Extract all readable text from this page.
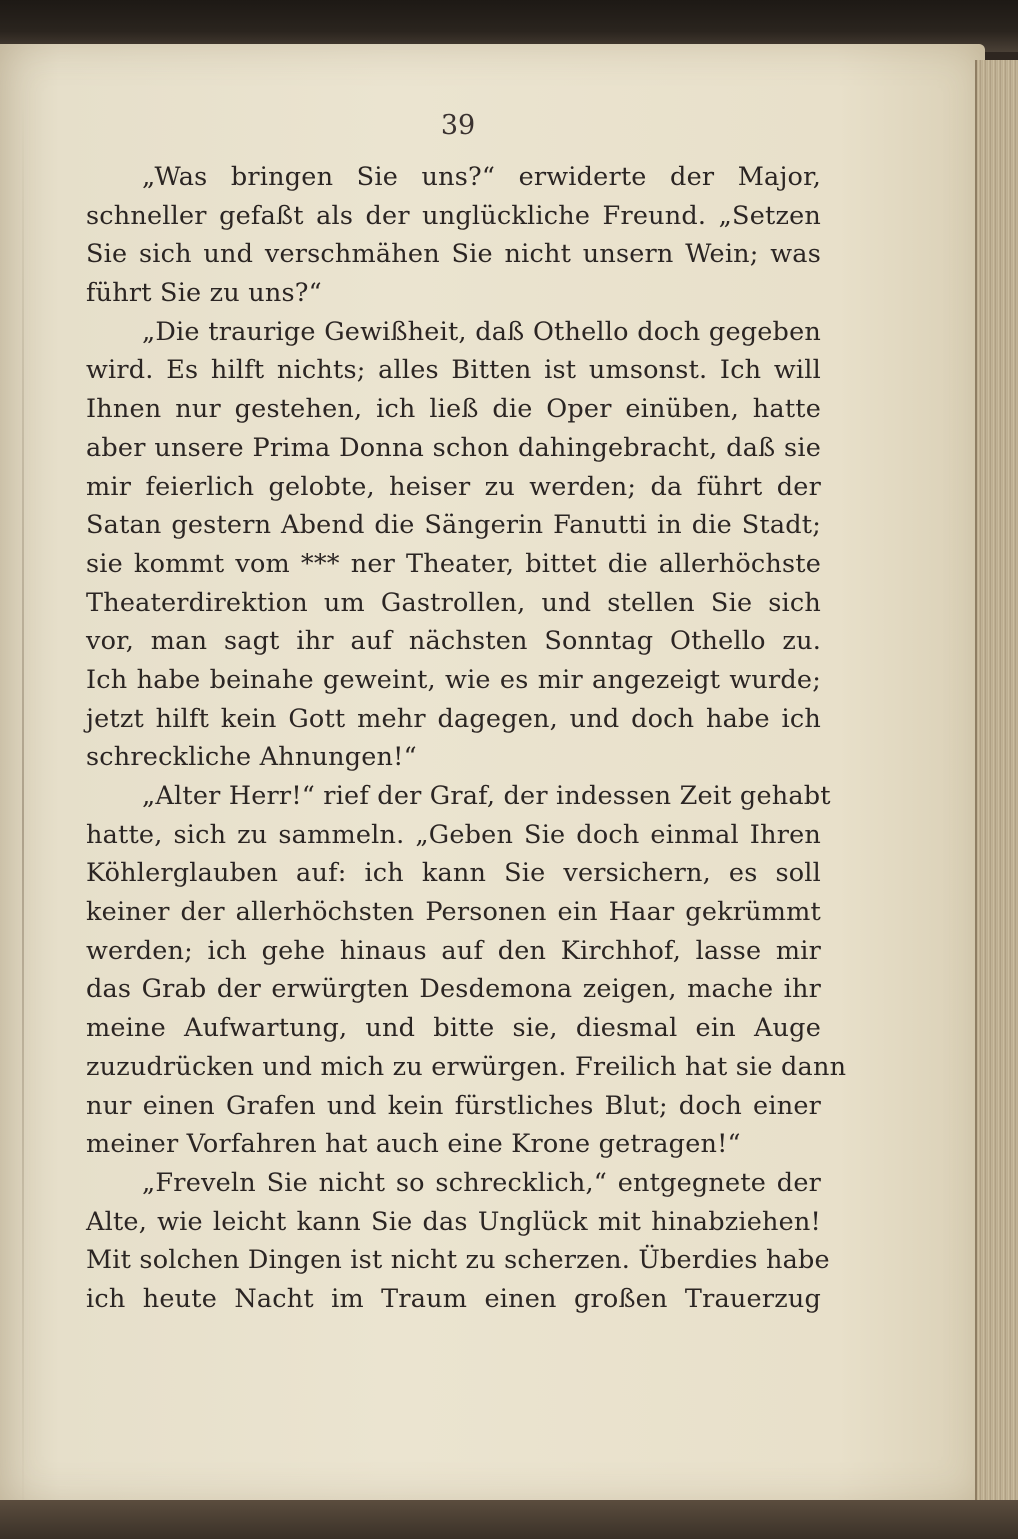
39
„Was bringen Sie uns?“ erwiderte der Major,
schneller gefaßt als der unglückliche Freund. „Setzen
Sie sich und verschmähen Sie nicht unsern Wein; was
führt Sie zu uns?“
„Die traurige Gewißheit, daß Othello doch gegeben
wird. Es hilft nichts; alles Bitten ist umsonst. Ich will
Ihnen nur gestehen, ich ließ die Oper einüben, hatte
aber unsere Prima Donna schon dahingebracht, daß sie
mir feierlich gelobte, heiser zu werden; da führt der
Satan gestern Abend die Sängerin Fanutti in die Stadt;
sie kommt vom *** ner Theater, bittet die allerhöchste
Theaterdirektion um Gastrollen, und stellen Sie sich
vor, man sagt ihr auf nächsten Sonntag Othello zu.
Ich habe beinahe geweint, wie es mir angezeigt wurde;
jetzt hilft kein Gott mehr dagegen, und doch habe ich
schreckliche Ahnungen!“
„Alter Herr!“ rief der Graf, der indessen Zeit gehabt
hatte, sich zu sammeln. „Geben Sie doch einmal Ihren
Köhlerglauben auf: ich kann Sie versichern, es soll
keiner der allerhöchsten Personen ein Haar gekrümmt
werden; ich gehe hinaus auf den Kirchhof, lasse mir
das Grab der erwürgten Desdemona zeigen, mache ihr
meine Aufwartung, und bitte sie, diesmal ein Auge
zuzudrücken und mich zu erwürgen. Freilich hat sie dann
nur einen Grafen und kein fürstliches Blut; doch einer
meiner Vorfahren hat auch eine Krone getragen!“
„Freveln Sie nicht so schrecklich,“ entgegnete der
Alte, wie leicht kann Sie das Unglück mit hinabziehen!
Mit solchen Dingen ist nicht zu scherzen. Überdies habe
ich heute Nacht im Traum einen großen Trauerzug
